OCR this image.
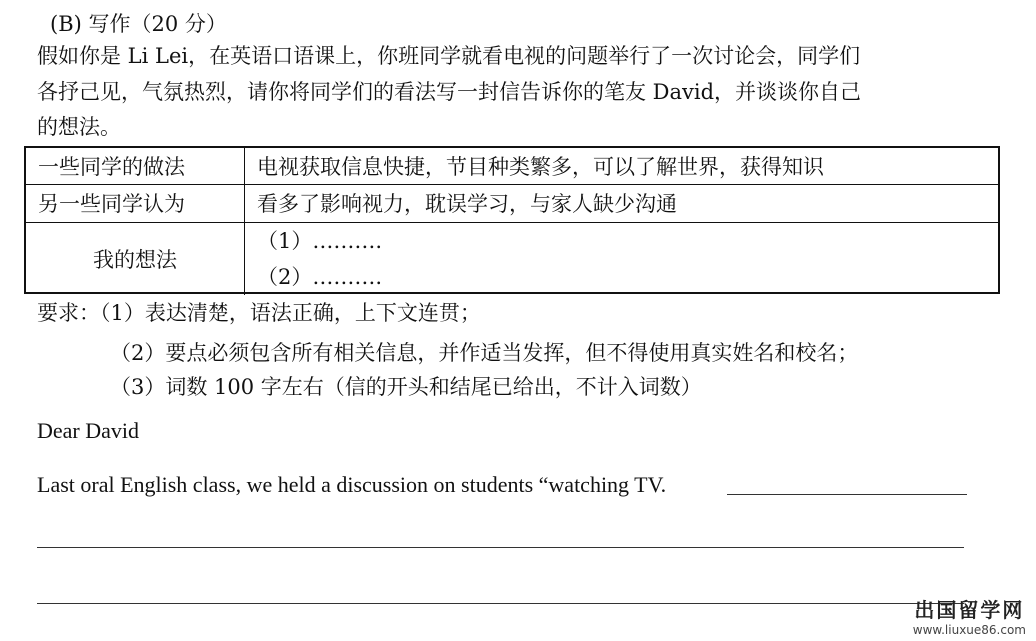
(B) 写作（20 分）
假如你是 Li Lei，在英语口语课上，你班同学就看电视的问题举行了一次讨论会，同学们
各抒己见，气氛热烈，请你将同学们的看法写一封信告诉你的笔友 David，并谈谈你自己
的想法。
一些同学的做法	电视获取信息快捷，节目种类繁多，可以了解世界，获得知识
另一些同学认为	看多了影响视力，耽误学习，与家人缺少沟通
我的想法	（1）……….
（2）……….
要求：（1）表达清楚，语法正确，上下文连贯；
（2）要点必须包含所有相关信息，并作适当发挥，但不得使用真实姓名和校名；
（3）词数 100 字左右（信的开头和结尾已给出，不计入词数）
Dear David
Last oral English class, we held a discussion on students “watching TV.
出国留学网
www.liuxue86.com
